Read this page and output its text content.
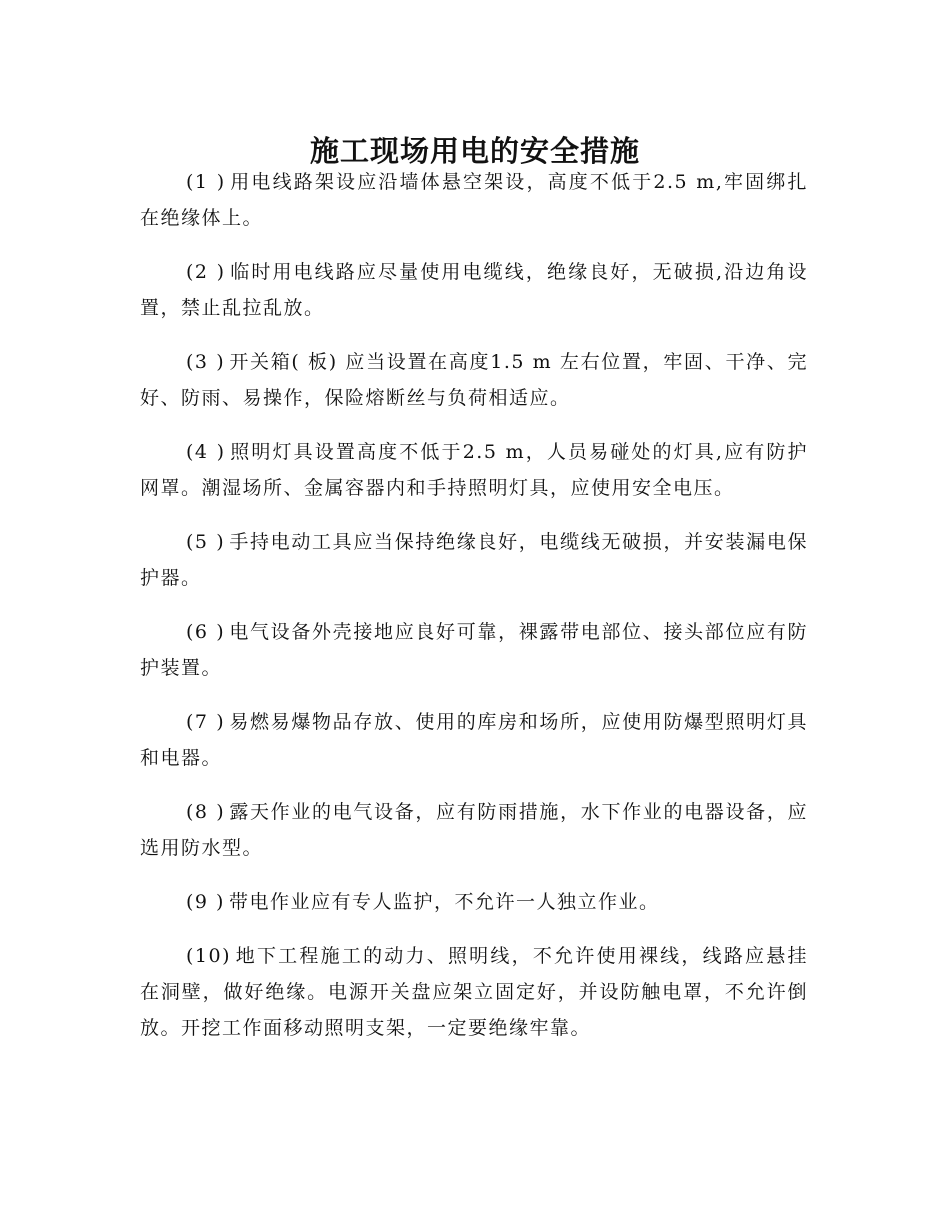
施工现场用电的安全措施

(1 ) 用电线路架设应沿墙体悬空架设，高度不低于2.5 m,牢固绑扎在绝缘体上。

(2 ) 临时用电线路应尽量使用电缆线，绝缘良好，无破损,沿边角设置，禁止乱拉乱放。

(3 ) 开关箱( 板) 应当设置在高度1.5 m 左右位置，牢固、干净、完好、防雨、易操作，保险熔断丝与负荷相适应。

(4 ) 照明灯具设置高度不低于2.5 m，人员易碰处的灯具,应有防护网罩。潮湿场所、金属容器内和手持照明灯具，应使用安全电压。

(5 ) 手持电动工具应当保持绝缘良好，电缆线无破损，并安装漏电保护器。

(6 ) 电气设备外壳接地应良好可靠，裸露带电部位、接头部位应有防护装置。

(7 ) 易燃易爆物品存放、使用的库房和场所，应使用防爆型照明灯具和电器。

(8 ) 露天作业的电气设备，应有防雨措施，水下作业的电器设备，应选用防水型。

(9 ) 带电作业应有专人监护，不允许一人独立作业。

(10) 地下工程施工的动力、照明线，不允许使用裸线，线路应悬挂在洞壁，做好绝缘。电源开关盘应架立固定好，并设防触电罩，不允许倒放。开挖工作面移动照明支架，一定要绝缘牢靠。
